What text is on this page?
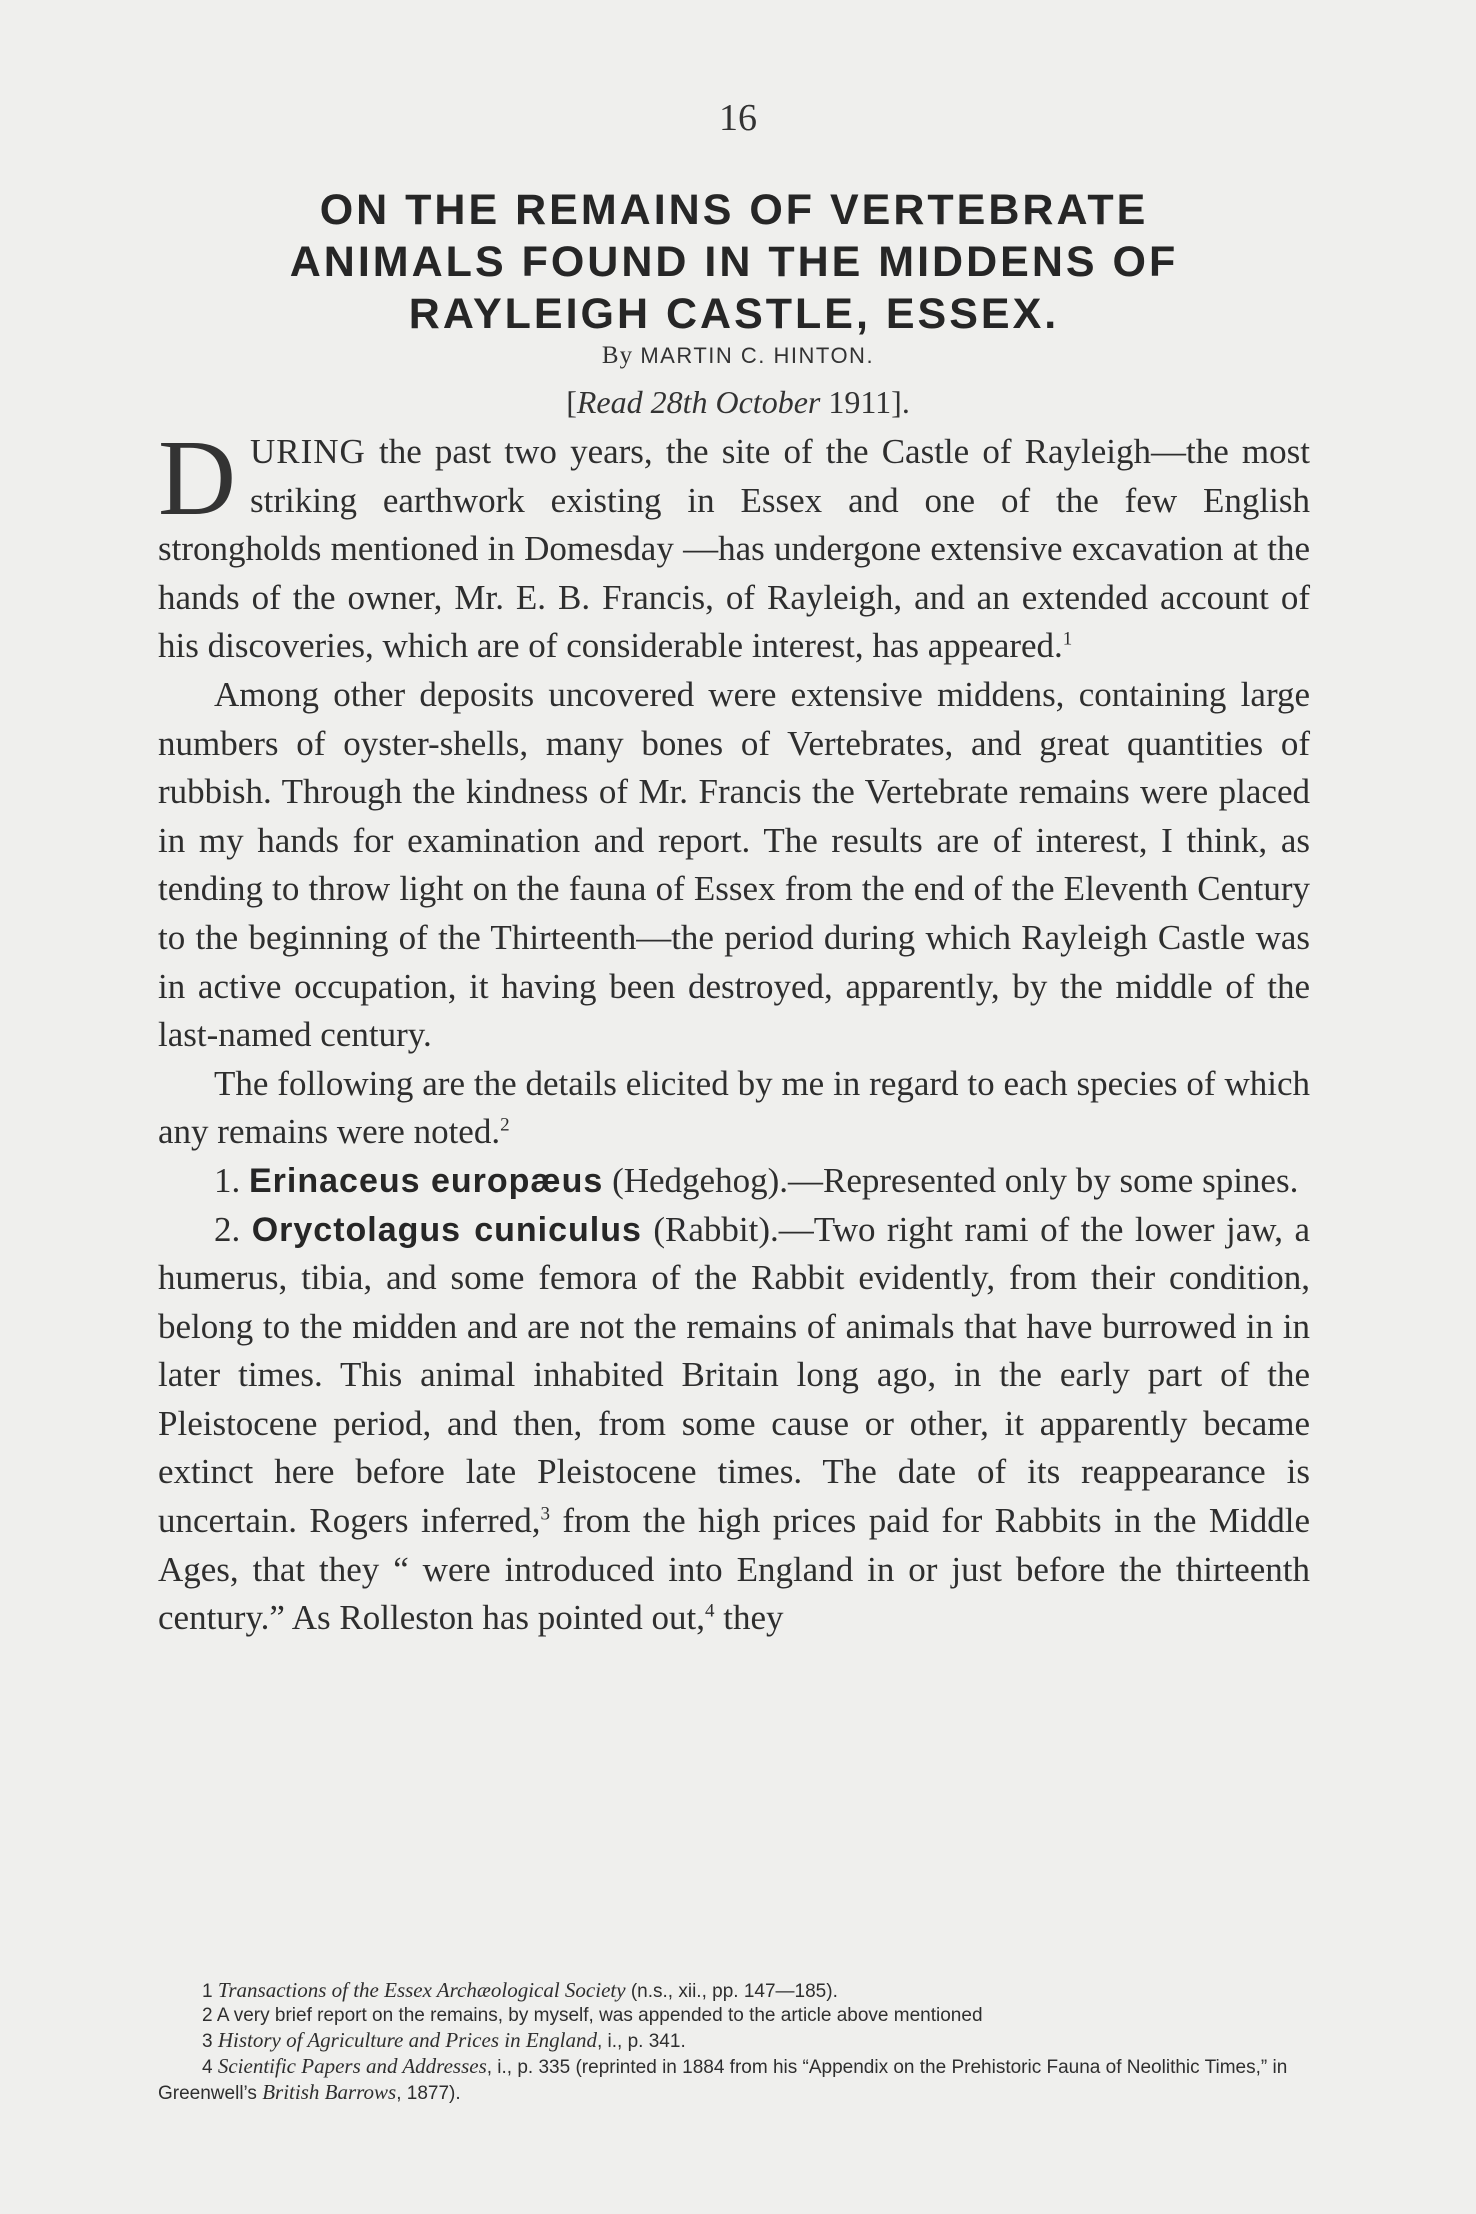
16
ON THE REMAINS OF VERTEBRATE
ANIMALS FOUND IN THE MIDDENS OF
RAYLEIGH CASTLE, ESSEX.
By MARTIN C. HINTON.
[Read 28th October 1911].

DURING the past two years, the site of the Castle of Rayleigh—the most striking earthwork existing in Essex and one of the few English strongholds mentioned in Domesday —has undergone extensive excavation at the hands of the owner, Mr. E. B. Francis, of Rayleigh, and an extended account of his discoveries, which are of considerable interest, has appeared.$^1$

Among other deposits uncovered were extensive middens, containing large numbers of oyster-shells, many bones of Vertebrates, and great quantities of rubbish. Through the kindness of Mr. Francis the Vertebrate remains were placed in my hands for examination and report. The results are of interest, I think, as tending to throw light on the fauna of Essex from the end of the Eleventh Century to the beginning of the Thirteenth—the period during which Rayleigh Castle was in active occupation, it having been destroyed, apparently, by the middle of the last-named century.

The following are the details elicited by me in regard to each species of which any remains were noted.$^2$

1. Erinaceus europæus (Hedgehog).—Represented only by some spines.

2. Oryctolagus cuniculus (Rabbit).—Two right rami of the lower jaw, a humerus, tibia, and some femora of the Rabbit evidently, from their condition, belong to the midden and are not the remains of animals that have burrowed in in later times. This animal inhabited Britain long ago, in the early part of the Pleistocene period, and then, from some cause or other, it apparently became extinct here before late Pleistocene times. The date of its reappearance is uncertain. Rogers inferred,$^3$ from the high prices paid for Rabbits in the Middle Ages, that they “ were introduced into England in or just before the thirteenth century.” As Rolleston has pointed out,$^4$ they

1 Transactions of the Essex Archæological Society (n.s., xii., pp. 147—185).
2 A very brief report on the remains, by myself, was appended to the article above mentioned
3 History of Agriculture and Prices in England, i., p. 341.
4 Scientific Papers and Addresses, i., p. 335 (reprinted in 1884 from his “Appendix on the Prehistoric Fauna of Neolithic Times,” in Greenwell’s British Barrows, 1877).
